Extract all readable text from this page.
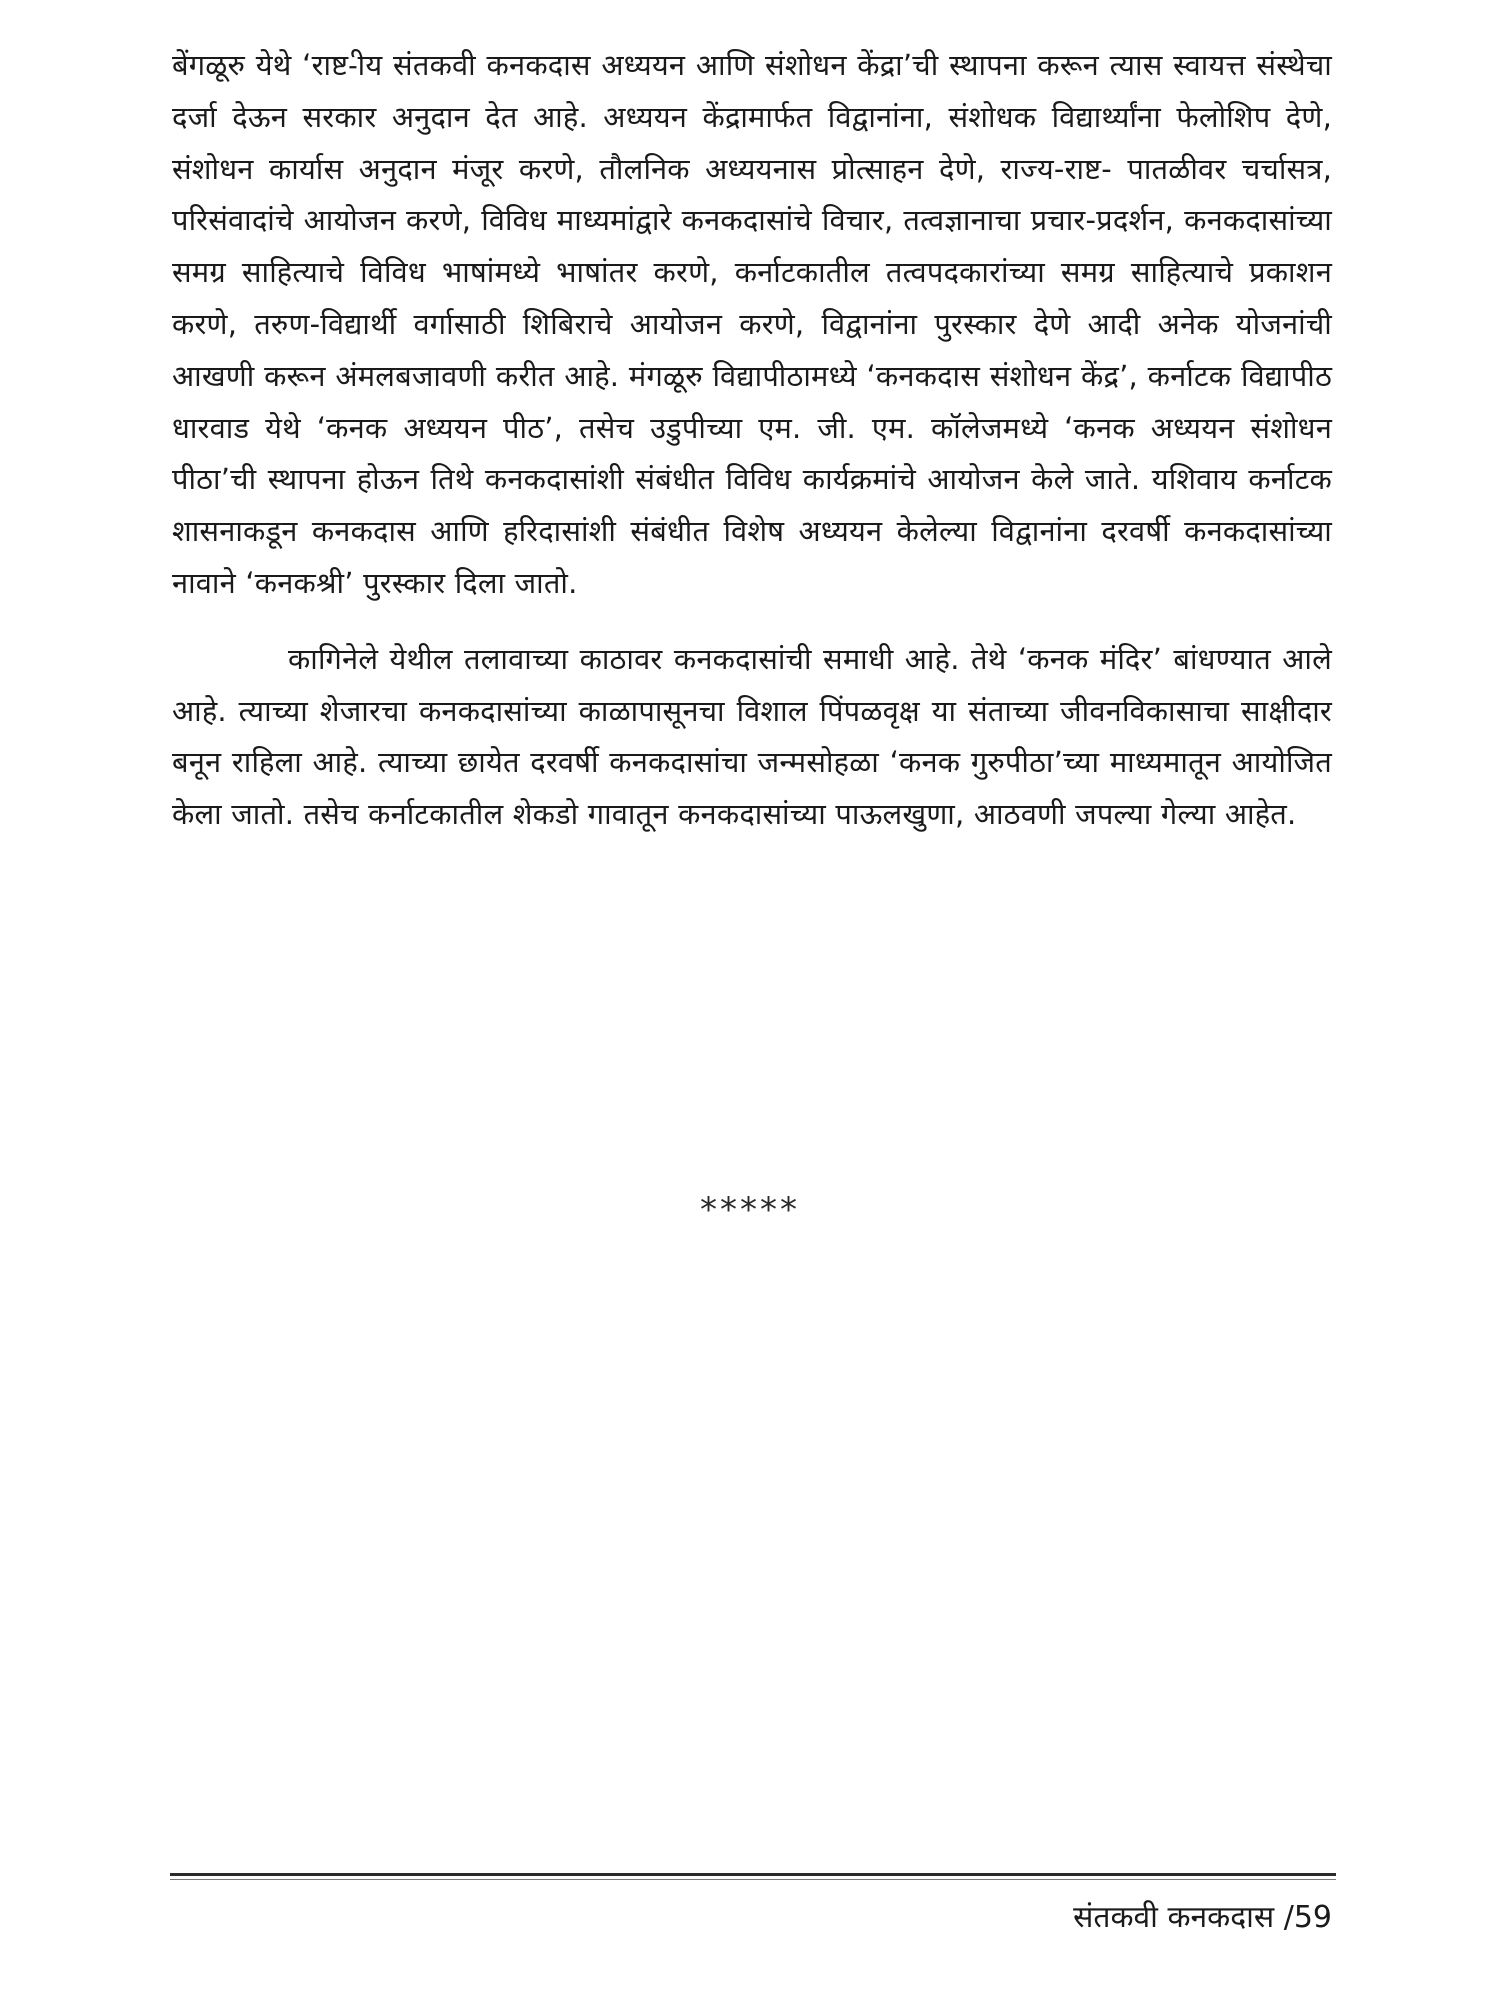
बेंगळूरु येथे ‘राष्ट-ीय संतकवी कनकदास अध्ययन आणि संशोधन केंद्रा’ची स्थापना करून त्यास स्वायत्त संस्थेचा दर्जा देऊन सरकार अनुदान देत आहे. अध्ययन केंद्रामार्फत विद्वानांना, संशोधक विद्यार्थ्यांना फेलोशिप देणे, संशोधन कार्यास अनुदान मंजूर करणे, तौलनिक अध्ययनास प्रोत्साहन देणे, राज्य-राष्ट- पातळीवर चर्चासत्र, परिसंवादांचे आयोजन करणे, विविध माध्यमांद्वारे कनकदासांचे विचार, तत्वज्ञानाचा प्रचार-प्रदर्शन, कनकदासांच्या समग्र साहित्याचे विविध भाषांमध्ये भाषांतर करणे, कर्नाटकातील तत्वपदकारांच्या समग्र साहित्याचे प्रकाशन करणे, तरुण-विद्यार्थी वर्गासाठी शिबिराचे आयोजन करणे, विद्वानांना पुरस्कार देणे आदी अनेक योजनांची आखणी करून अंमलबजावणी करीत आहे. मंगळूरु विद्यापीठामध्ये ‘कनकदास संशोधन केंद्र’, कर्नाटक विद्यापीठ धारवाड येथे ‘कनक अध्ययन पीठ’, तसेच उडुपीच्या एम. जी. एम. कॉलेजमध्ये ‘कनक अध्ययन संशोधन पीठा’ची स्थापना होऊन तिथे कनकदासांशी संबंधीत विविध कार्यक्रमांचे आयोजन केले जाते. यशिवाय कर्नाटक शासनाकडून कनकदास आणि हरिदासांशी संबंधीत विशेष अध्ययन केलेल्या विद्वानांना दरवर्षी कनकदासांच्या नावाने ‘कनकश्री’ पुरस्कार दिला जातो.

कागिनेले येथील तलावाच्या काठावर कनकदासांची समाधी आहे. तेथे ‘कनक मंदिर’ बांधण्यात आले आहे. त्याच्या शेजारचा कनकदासांच्या काळापासूनचा विशाल पिंपळवृक्ष या संताच्या जीवनविकासाचा साक्षीदार बनून राहिला आहे. त्याच्या छायेत दरवर्षी कनकदासांचा जन्मसोहळा ‘कनक गुरुपीठा’च्या माध्यमातून आयोजित केला जातो. तसेच कर्नाटकातील शेकडो गावातून कनकदासांच्या पाऊलखुणा, आठवणी जपल्या गेल्या आहेत.

*****
संतकवी कनकदास /59
